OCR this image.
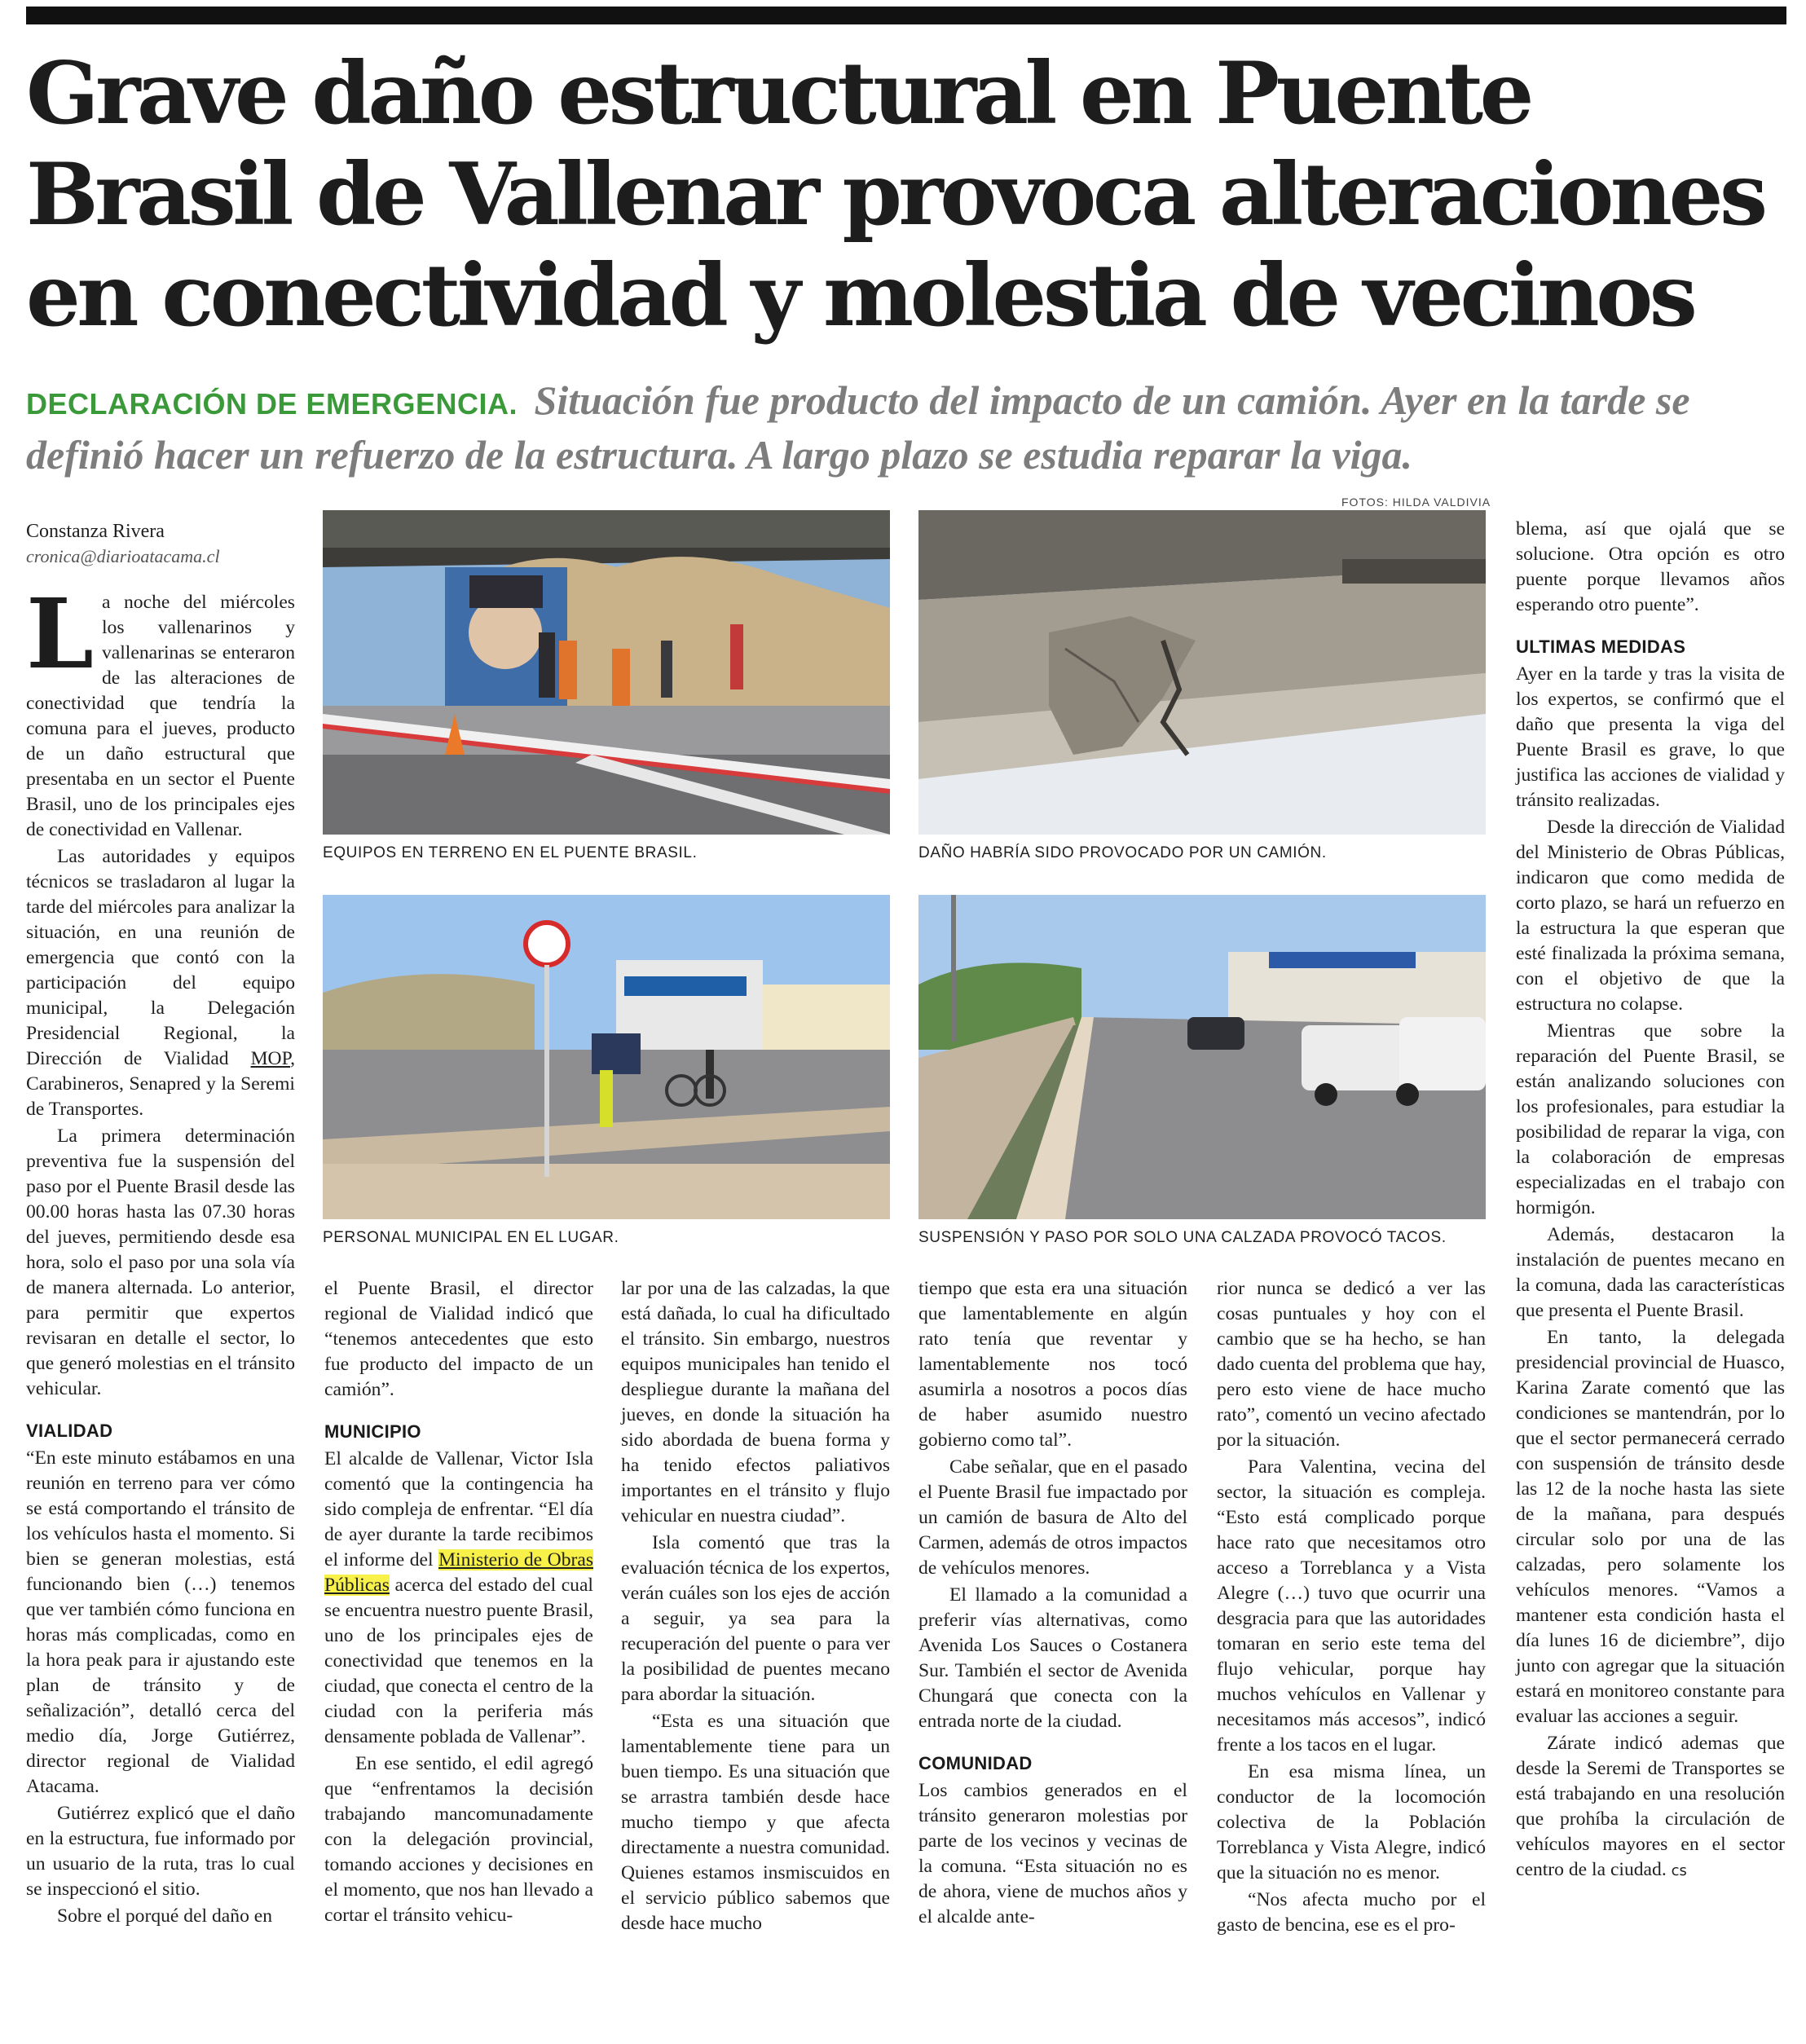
Grave daño estructural en Puente
Brasil de Vallenar provoca alteraciones
en conectividad y molestia de vecinos
DECLARACIÓN DE EMERGENCIA. Situación fue producto del impacto de un camión. Ayer en la tarde se definió hacer un refuerzo de la estructura. A largo plazo se estudia reparar la viga.
Constanza Rivera
cronica@diarioatacama.cl

La noche del miércoles los vallenarinos y vallenarinas se enteraron de las alteraciones de conectividad que tendría la comuna para el jueves, producto de un daño estructural que presentaba en un sector el Puente Brasil, uno de los principales ejes de conectividad en Vallenar.

Las autoridades y equipos técnicos se trasladaron al lugar la tarde del miércoles para analizar la situación, en una reunión de emergencia que contó con la participación del equipo municipal, la Delegación Presidencial Regional, la Dirección de Vialidad MOP, Carabineros, Senapred y la Seremi de Transportes.

La primera determinación preventiva fue la suspensión del paso por el Puente Brasil desde las 00.00 horas hasta las 07.30 horas del jueves, permitiendo desde esa hora, solo el paso por una sola vía de manera alternada. Lo anterior, para permitir que expertos revisaran en detalle el sector, lo que generó molestias en el tránsito vehicular.

VIALIDAD

“En este minuto estábamos en una reunión en terreno para ver cómo se está comportando el tránsito de los vehículos hasta el momento. Si bien se generan molestias, está funcionando bien (…) tenemos que ver también cómo funciona en horas más complicadas, como en la hora peak para ir ajustando este plan de tránsito y de señalización”, detalló cerca del medio día, Jorge Gutiérrez, director regional de Vialidad Atacama.

Gutiérrez explicó que el daño en la estructura, fue informado por un usuario de la ruta, tras lo cual se inspeccionó el sitio.

Sobre el porqué del daño en

FOTOS: HILDA VALDIVIA
EQUIPOS EN TERRENO EN EL PUENTE BRASIL.	DAÑO HABRÍA SIDO PROVOCADO POR UN CAMIÓN.
PERSONAL MUNICIPAL EN EL LUGAR.	SUSPENSIÓN Y PASO POR SOLO UNA CALZADA PROVOCÓ TACOS.

el Puente Brasil, el director regional de Vialidad indicó que “tenemos antecedentes que esto fue producto del impacto de un camión”.

MUNICIPIO

El alcalde de Vallenar, Victor Isla comentó que la contingencia ha sido compleja de enfrentar. “El día de ayer durante la tarde recibimos el informe del Ministerio de Obras Públicas acerca del estado del cual se encuentra nuestro puente Brasil, uno de los principales ejes de conectividad que tenemos en la ciudad, que conecta el centro de la ciudad con la periferia más densamente poblada de Vallenar”.

En ese sentido, el edil agregó que “enfrentamos la decisión trabajando mancomunadamente con la delegación provincial, tomando acciones y decisiones en el momento, que nos han llevado a cortar el tránsito vehicu-

lar por una de las calzadas, la que está dañada, lo cual ha dificultado el tránsito. Sin embargo, nuestros equipos municipales han tenido el despliegue durante la mañana del jueves, en donde la situación ha sido abordada de buena forma y ha tenido efectos paliativos importantes en el tránsito y flujo vehicular en nuestra ciudad”.

Isla comentó que tras la evaluación técnica de los expertos, verán cuáles son los ejes de acción a seguir, ya sea para la recuperación del puente o para ver la posibilidad de puentes mecano para abordar la situación.

“Esta es una situación que lamentablemente tiene para un buen tiempo. Es una situación que se arrastra también desde hace mucho tiempo y que afecta directamente a nuestra comunidad. Quienes estamos insmiscuidos en el servicio público sabemos que desde hace mucho

tiempo que esta era una situación que lamentablemente en algún rato tenía que reventar y lamentablemente nos tocó asumirla a nosotros a pocos días de haber asumido nuestro gobierno como tal”.

Cabe señalar, que en el pasado el Puente Brasil fue impactado por un camión de basura de Alto del Carmen, además de otros impactos de vehículos menores.

El llamado a la comunidad a preferir vías alternativas, como Avenida Los Sauces o Costanera Sur. También el sector de Avenida Chungará que conecta con la entrada norte de la ciudad.

COMUNIDAD

Los cambios generados en el tránsito generaron molestias por parte de los vecinos y vecinas de la comuna. “Esta situación no es de ahora, viene de muchos años y el alcalde ante-

rior nunca se dedicó a ver las cosas puntuales y hoy con el cambio que se ha hecho, se han dado cuenta del problema que hay, pero esto viene de hace mucho rato”, comentó un vecino afectado por la situación.

Para Valentina, vecina del sector, la situación es compleja. “Esto está complicado porque hace rato que necesitamos otro acceso a Torreblanca y a Vista Alegre (…) tuvo que ocurrir una desgracia para que las autoridades tomaran en serio este tema del flujo vehicular, porque hay muchos vehículos en Vallenar y necesitamos más accesos”, indicó frente a los tacos en el lugar.

En esa misma línea, un conductor de la locomoción colectiva de la Población Torreblanca y Vista Alegre, indicó que la situación no es menor.

“Nos afecta mucho por el gasto de bencina, ese es el pro-

blema, así que ojalá que se solucione. Otra opción es otro puente porque llevamos años esperando otro puente”.

ULTIMAS MEDIDAS

Ayer en la tarde y tras la visita de los expertos, se confirmó que el daño que presenta la viga del Puente Brasil es grave, lo que justifica las acciones de vialidad y tránsito realizadas.

Desde la dirección de Vialidad del Ministerio de Obras Públicas, indicaron que como medida de corto plazo, se hará un refuerzo en la estructura la que esperan que esté finalizada la próxima semana, con el objetivo de que la estructura no colapse.

Mientras que sobre la reparación del Puente Brasil, se están analizando soluciones con los profesionales, para estudiar la posibilidad de reparar la viga, con la colaboración de empresas especializadas en el trabajo con hormigón.

Además, destacaron la instalación de puentes mecano en la comuna, dada las características que presenta el Puente Brasil.

En tanto, la delegada presidencial provincial de Huasco, Karina Zarate comentó que las condiciones se mantendrán, por lo que el sector permanecerá cerrado con suspensión de tránsito desde las 12 de la noche hasta las siete de la mañana, para después circular solo por una de las calzadas, pero solamente los vehículos menores. “Vamos a mantener esta condición hasta el día lunes 16 de diciembre”, dijo junto con agregar que la situación estará en monitoreo constante para evaluar las acciones a seguir.

Zárate indicó ademas que desde la Seremi de Transportes se está trabajando en una resolución que prohíba la circulación de vehículos mayores en el sector centro de la ciudad. cs
